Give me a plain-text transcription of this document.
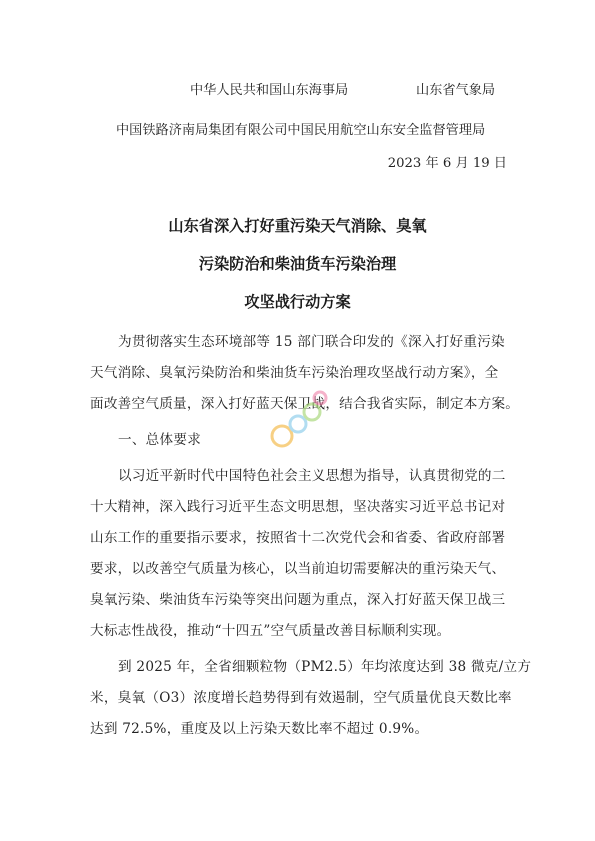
中华人民共和国山东海事局	山东省气象局
中国铁路济南局集团有限公司中国民用航空山东安全监督管理局
2023 年 6 月 19 日
山东省深入打好重污染天气消除、臭氧
污染防治和柴油货车污染治理
攻坚战行动方案
为贯彻落实生态环境部等 15 部门联合印发的《深入打好重污染
天气消除、臭氧污染防治和柴油货车污染治理攻坚战行动方案》，全
面改善空气质量，深入打好蓝天保卫战，结合我省实际，制定本方案。
一、总体要求
以习近平新时代中国特色社会主义思想为指导，认真贯彻党的二
十大精神，深入践行习近平生态文明思想，坚决落实习近平总书记对
山东工作的重要指示要求，按照省十二次党代会和省委、省政府部署
要求，以改善空气质量为核心，以当前迫切需要解决的重污染天气、
臭氧污染、柴油货车污染等突出问题为重点，深入打好蓝天保卫战三
大标志性战役，推动“十四五”空气质量改善目标顺利实现。
到 2025 年，全省细颗粒物（PM2.5）年均浓度达到 38 微克/立方
米，臭氧（O3）浓度增长趋势得到有效遏制，空气质量优良天数比率
达到 72.5%，重度及以上污染天数比率不超过 0.9%。
